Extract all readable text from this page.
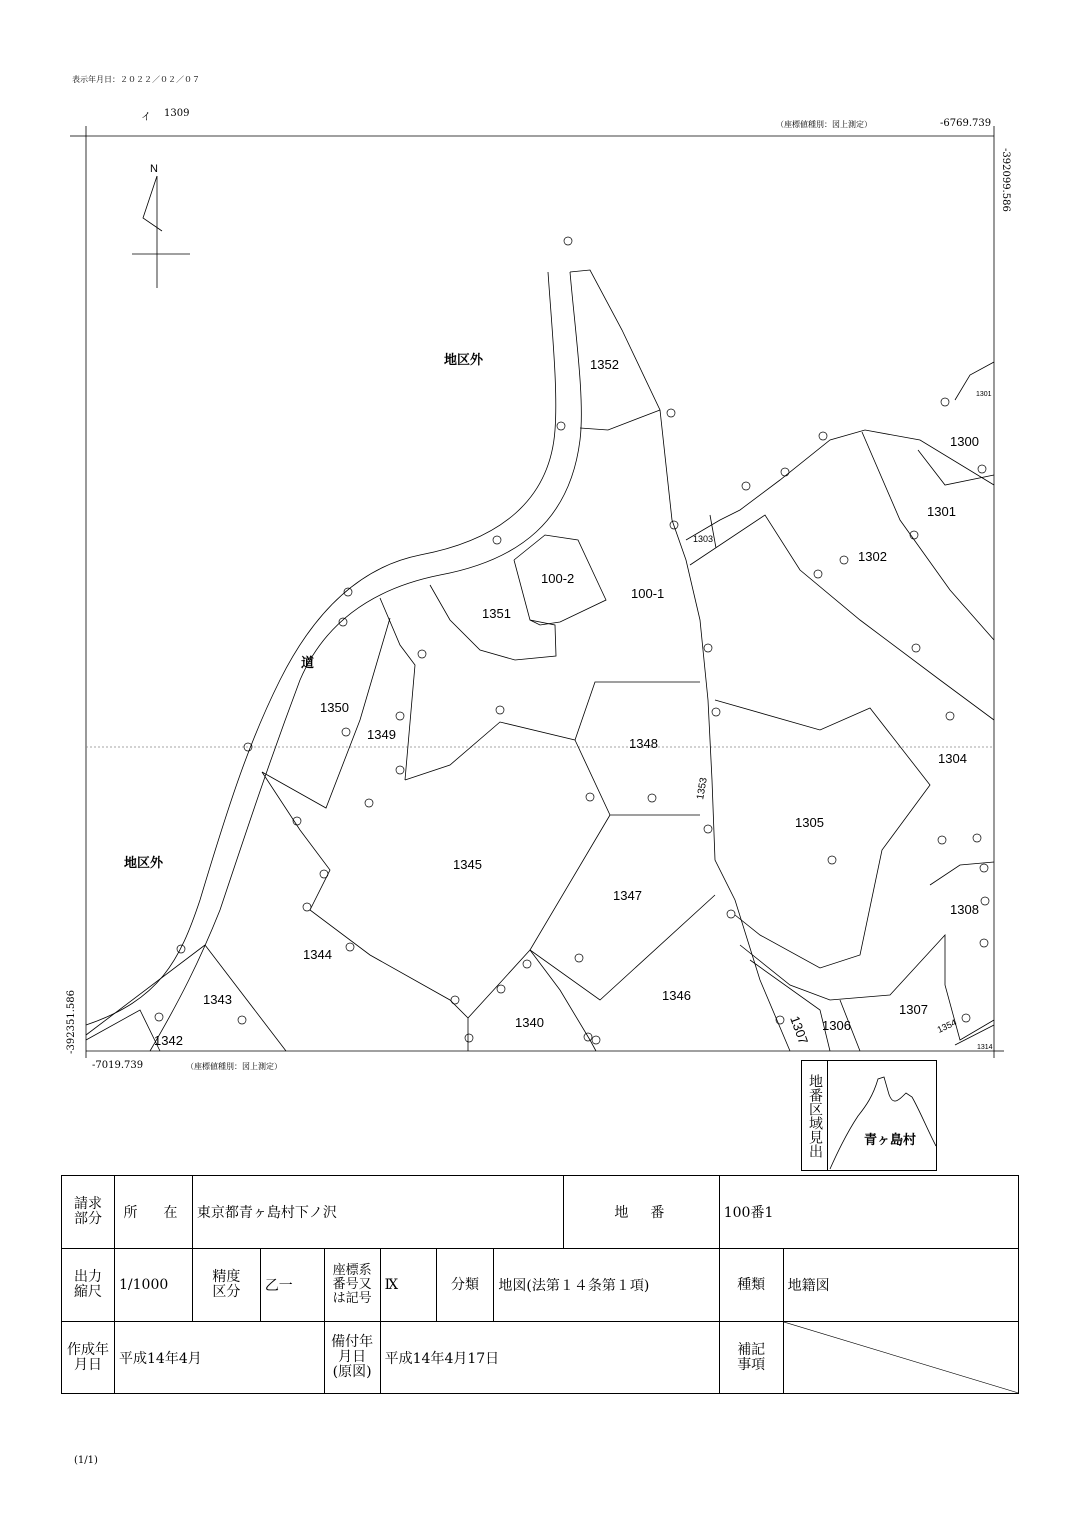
表示年月日：２０２２／０２／０７
イ 1309
（座標値種別：図上測定）	-6769.739
-392099.586
-7019.739	（座標値種別：図上測定）
-392351.586
N
地区外
地区外
道
1352
1300
1301
1301
1302
1303
100-2
100-1
1351
1350
1349
1348
1304
1353
1305
1345
1347
1308
1344
1343	1346
1307
1354
1340	1306
1307
1342	1314
地番区域見出	青ヶ島村
請求部分	所　在	東京都青ヶ島村下ノ沢						地　番	100番1	

出力縮尺	1/1000	精度区分	乙一	座標系番号又は記号	Ⅸ	分類	地図(法第１４条第１項)		種類	地籍図

作成年月日	平成14年4月			備付年月日(原図)	平成14年4月17日				補記事項

(1/1)
